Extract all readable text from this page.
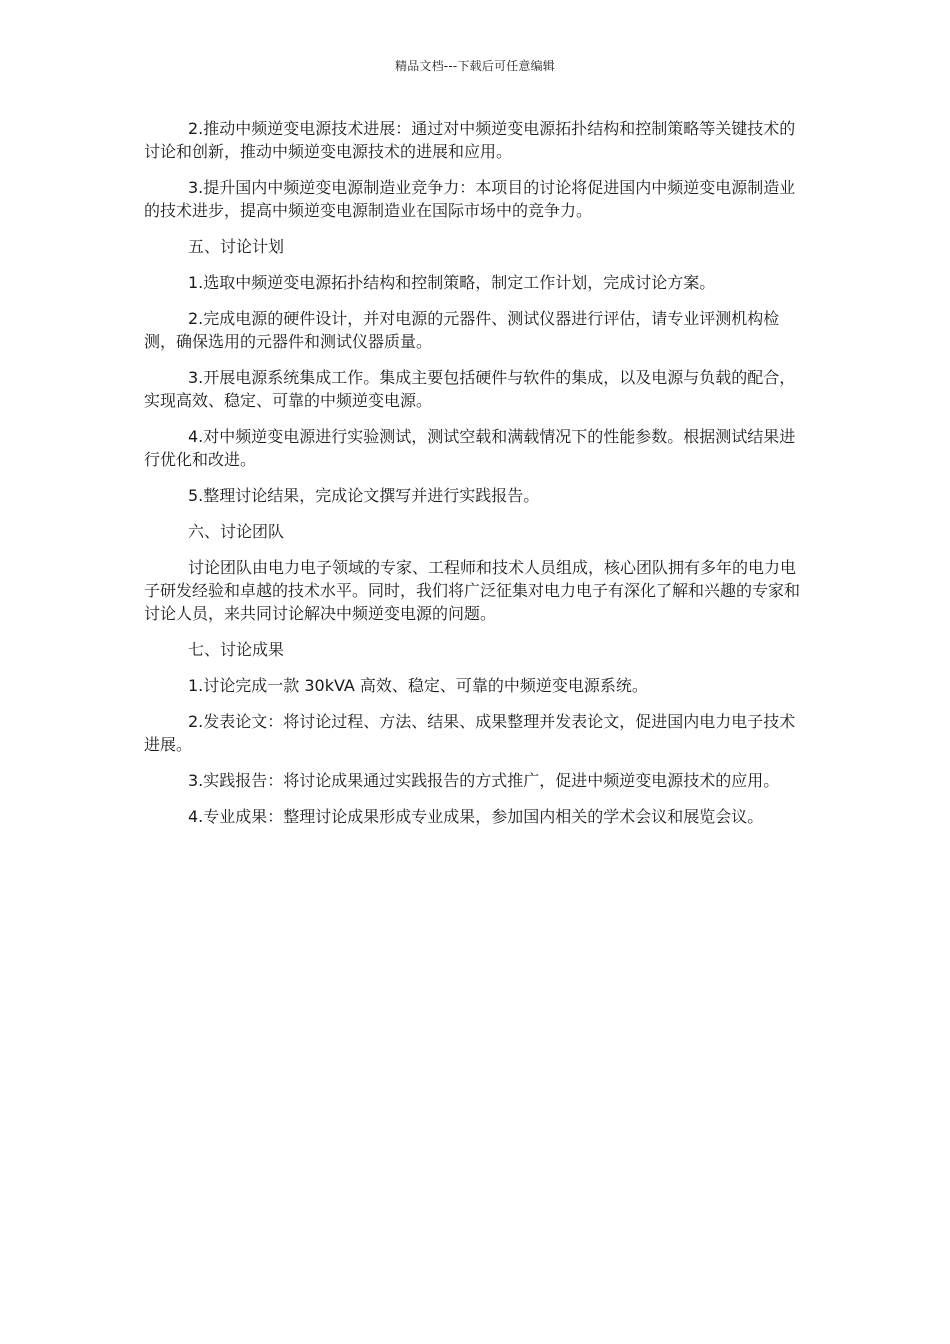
精品文档---下载后可任意编辑

2.推动中频逆变电源技术进展：通过对中频逆变电源拓扑结构和控制策略等关键技术的讨论和创新，推动中频逆变电源技术的进展和应用。

3.提升国内中频逆变电源制造业竞争力：本项目的讨论将促进国内中频逆变电源制造业的技术进步，提高中频逆变电源制造业在国际市场中的竞争力。

五、讨论计划

1.选取中频逆变电源拓扑结构和控制策略，制定工作计划，完成讨论方案。

2.完成电源的硬件设计，并对电源的元器件、测试仪器进行评估，请专业评测机构检测，确保选用的元器件和测试仪器质量。

3.开展电源系统集成工作。集成主要包括硬件与软件的集成，以及电源与负载的配合，实现高效、稳定、可靠的中频逆变电源。

4.对中频逆变电源进行实验测试，测试空载和满载情况下的性能参数。根据测试结果进行优化和改进。

5.整理讨论结果，完成论文撰写并进行实践报告。

六、讨论团队

讨论团队由电力电子领域的专家、工程师和技术人员组成，核心团队拥有多年的电力电子研发经验和卓越的技术水平。同时，我们将广泛征集对电力电子有深化了解和兴趣的专家和讨论人员，来共同讨论解决中频逆变电源的问题。

七、讨论成果

1.讨论完成一款 30kVA 高效、稳定、可靠的中频逆变电源系统。

2.发表论文：将讨论过程、方法、结果、成果整理并发表论文，促进国内电力电子技术进展。

3.实践报告：将讨论成果通过实践报告的方式推广，促进中频逆变电源技术的应用。

4.专业成果：整理讨论成果形成专业成果，参加国内相关的学术会议和展览会议。
